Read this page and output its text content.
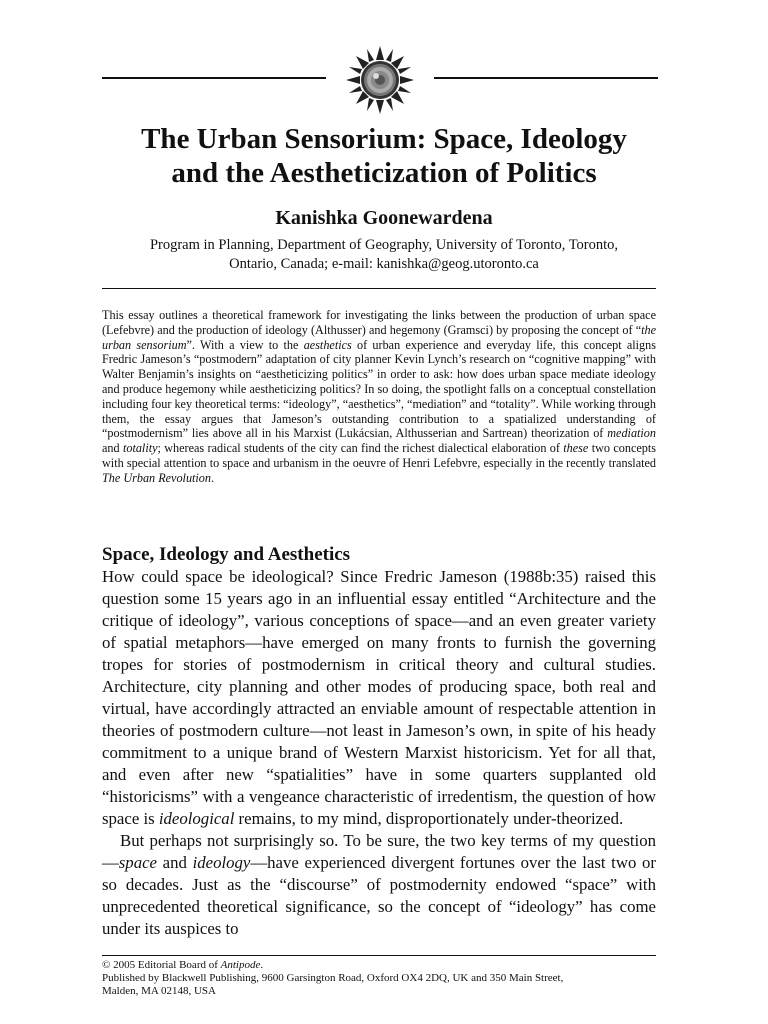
The Urban Sensorium: Space, Ideology
and the Aestheticization of Politics
Kanishka Goonewardena
Program in Planning, Department of Geography, University of Toronto, Toronto,
Ontario, Canada; e-mail: kanishka@geog.utoronto.ca

This essay outlines a theoretical framework for investigating the links between the production of urban space (Lefebvre) and the production of ideology (Althusser) and hegemony (Gramsci) by proposing the concept of “the urban sensorium”. With a view to the aesthetics of urban experience and everyday life, this concept aligns Fredric Jameson’s “postmodern” adaptation of city planner Kevin Lynch’s research on “cognitive mapping” with Walter Benjamin’s insights on “aestheticizing politics” in order to ask: how does urban space mediate ideology and produce hegemony while aestheticizing politics? In so doing, the spotlight falls on a conceptual constellation including four key theoretical terms: “ideology”, “aesthetics”, “mediation” and “totality”. While working through them, the essay argues that Jameson’s outstanding contribution to a spatialized understanding of “postmodernism” lies above all in his Marxist (Lukácsian, Althusserian and Sartrean) theorization of mediation and totality; whereas radical students of the city can find the richest dialectical elaboration of these two concepts with special attention to space and urbanism in the oeuvre of Henri Lefebvre, especially in the recently translated The Urban Revolution.

Space, Ideology and Aesthetics

How could space be ideological? Since Fredric Jameson (1988b:35) raised this question some 15 years ago in an influential essay entitled “Architecture and the critique of ideology”, various conceptions of space—and an even greater variety of spatial metaphors—have emerged on many fronts to furnish the governing tropes for stories of postmodernism in critical theory and cultural studies. Architecture, city planning and other modes of producing space, both real and virtual, have accordingly attracted an enviable amount of respectable attention in theories of postmodern culture—not least in Jameson’s own, in spite of his heady commitment to a unique brand of Western Marxist historicism. Yet for all that, and even after new “spatialities” have in some quarters supplanted old “historicisms” with a vengeance characteristic of irredentism, the question of how space is ideological remains, to my mind, disproportionately under-theorized.

But perhaps not surprisingly so. To be sure, the two key terms of my question—space and ideology—have experienced divergent fortunes over the last two or so decades. Just as the “discourse” of postmodernity endowed “space” with unprecedented theoretical significance, so the concept of “ideology” has come under its auspices to

© 2005 Editorial Board of Antipode.
Published by Blackwell Publishing, 9600 Garsington Road, Oxford OX4 2DQ, UK and 350 Main Street,
Malden, MA 02148, USA
